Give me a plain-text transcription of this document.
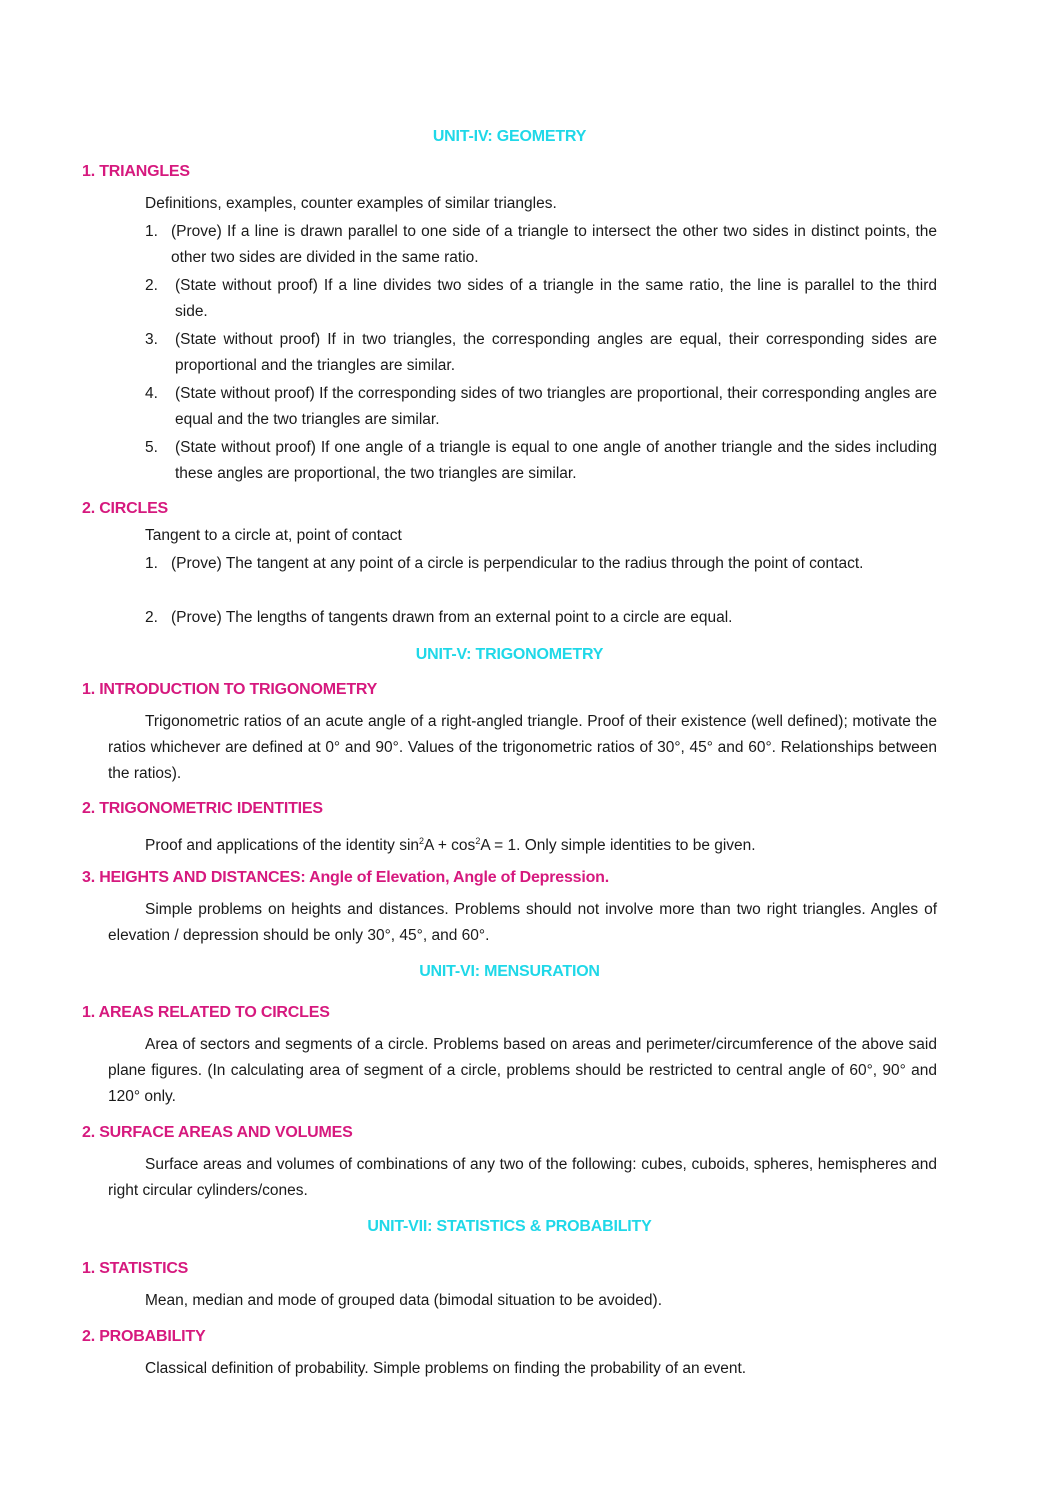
UNIT-IV: GEOMETRY
1. TRIANGLES

Definitions, examples, counter examples of similar triangles.

1. (Prove) If a line is drawn parallel to one side of a triangle to intersect the other two sides in distinct points, the other two sides are divided in the same ratio.
2. (State without proof) If a line divides two sides of a triangle in the same ratio, the line is parallel to the third side.
3. (State without proof) If in two triangles, the corresponding angles are equal, their corresponding sides are proportional and the triangles are similar.
4. (State without proof) If the corresponding sides of two triangles are proportional, their corresponding angles are equal and the two triangles are similar.
5. (State without proof) If one angle of a triangle is equal to one angle of another triangle and the sides including these angles are proportional, the two triangles are similar.
2. CIRCLES

Tangent to a circle at, point of contact

1. (Prove) The tangent at any point of a circle is perpendicular to the radius through the point of contact.
2. (Prove) The lengths of tangents drawn from an external point to a circle are equal.
UNIT-V: TRIGONOMETRY
1. INTRODUCTION TO TRIGONOMETRY

Trigonometric ratios of an acute angle of a right-angled triangle. Proof of their existence (well defined); motivate the ratios whichever are defined at 0° and 90°. Values of the trigonometric ratios of 30°, 45° and 60°. Relationships between the ratios).

2. TRIGONOMETRIC IDENTITIES

Proof and applications of the identity $\sin^2A + \cos^2A = 1$. Only simple identities to be given.

3. HEIGHTS AND DISTANCES: Angle of Elevation, Angle of Depression.

Simple problems on heights and distances. Problems should not involve more than two right triangles. Angles of elevation / depression should be only 30°, 45°, and 60°.

UNIT-VI: MENSURATION
1. AREAS RELATED TO CIRCLES

Area of sectors and segments of a circle. Problems based on areas and perimeter/circumference of the above said plane figures. (In calculating area of segment of a circle, problems should be restricted to central angle of 60°, 90° and 120° only.

2. SURFACE AREAS AND VOLUMES

Surface areas and volumes of combinations of any two of the following: cubes, cuboids, spheres, hemispheres and right circular cylinders/cones.

UNIT-VII: STATISTICS & PROBABILITY
1. STATISTICS

Mean, median and mode of grouped data (bimodal situation to be avoided).

2. PROBABILITY

Classical definition of probability. Simple problems on finding the probability of an event.
